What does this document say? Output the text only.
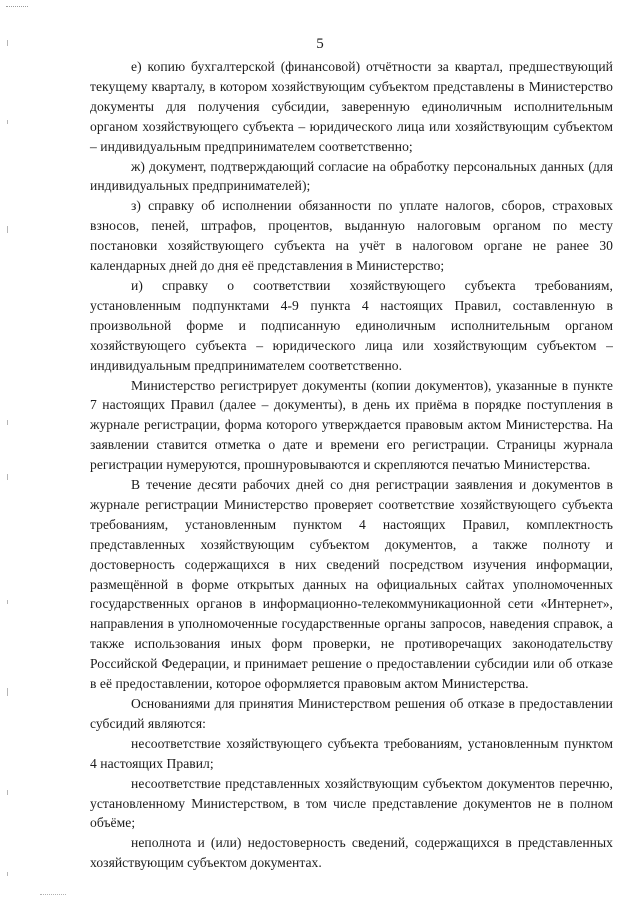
5

е) копию бухгалтерской (финансовой) отчётности за квартал, предшествующий текущему кварталу, в котором хозяйствующим субъектом представлены в Министерство документы для получения субсидии, заверенную единоличным исполнительным органом хозяйствующего субъекта – юридического лица или хозяйствующим субъектом – индивидуальным предпринимателем соответственно;

ж) документ, подтверждающий согласие на обработку персональных данных (для индивидуальных предпринимателей);

з) справку об исполнении обязанности по уплате налогов, сборов, страховых взносов, пеней, штрафов, процентов, выданную налоговым органом по месту постановки хозяйствующего субъекта на учёт в налоговом органе не ранее 30 календарных дней до дня её представления в Министерство;

и) справку о соответствии хозяйствующего субъекта требованиям, установленным подпунктами 4-9 пункта 4 настоящих Правил, составленную в произвольной форме и подписанную единоличным исполнительным органом хозяйствующего субъекта – юридического лица или хозяйствующим субъектом – индивидуальным предпринимателем соответственно.

Министерство регистрирует документы (копии документов), указанные в пункте 7 настоящих Правил (далее – документы), в день их приёма в порядке поступления в журнале регистрации, форма которого утверждается правовым актом Министерства. На заявлении ставится отметка о дате и времени его регистрации. Страницы журнала регистрации нумеруются, прошнуровываются и скрепляются печатью Министерства.

В течение десяти рабочих дней со дня регистрации заявления и документов в журнале регистрации Министерство проверяет соответствие хозяйствующего субъекта требованиям, установленным пунктом 4 настоящих Правил, комплектность представленных хозяйствующим субъектом документов, а также полноту и достоверность содержащихся в них сведений посредством изучения информации, размещённой в форме открытых данных на официальных сайтах уполномоченных государственных органов в информационно-телекоммуникационной сети «Интернет», направления в уполномоченные государственные органы запросов, наведения справок, а также использования иных форм проверки, не противоречащих законодательству Российской Федерации, и принимает решение о предоставлении субсидии или об отказе в её предоставлении, которое оформляется правовым актом Министерства.

Основаниями для принятия Министерством решения об отказе в предоставлении субсидий являются:

несоответствие хозяйствующего субъекта требованиям, установленным пунктом 4 настоящих Правил;

несоответствие представленных хозяйствующим субъектом документов перечню, установленному Министерством, в том числе представление документов не в полном объёме;

неполнота и (или) недостоверность сведений, содержащихся в представленных хозяйствующим субъектом документах.
